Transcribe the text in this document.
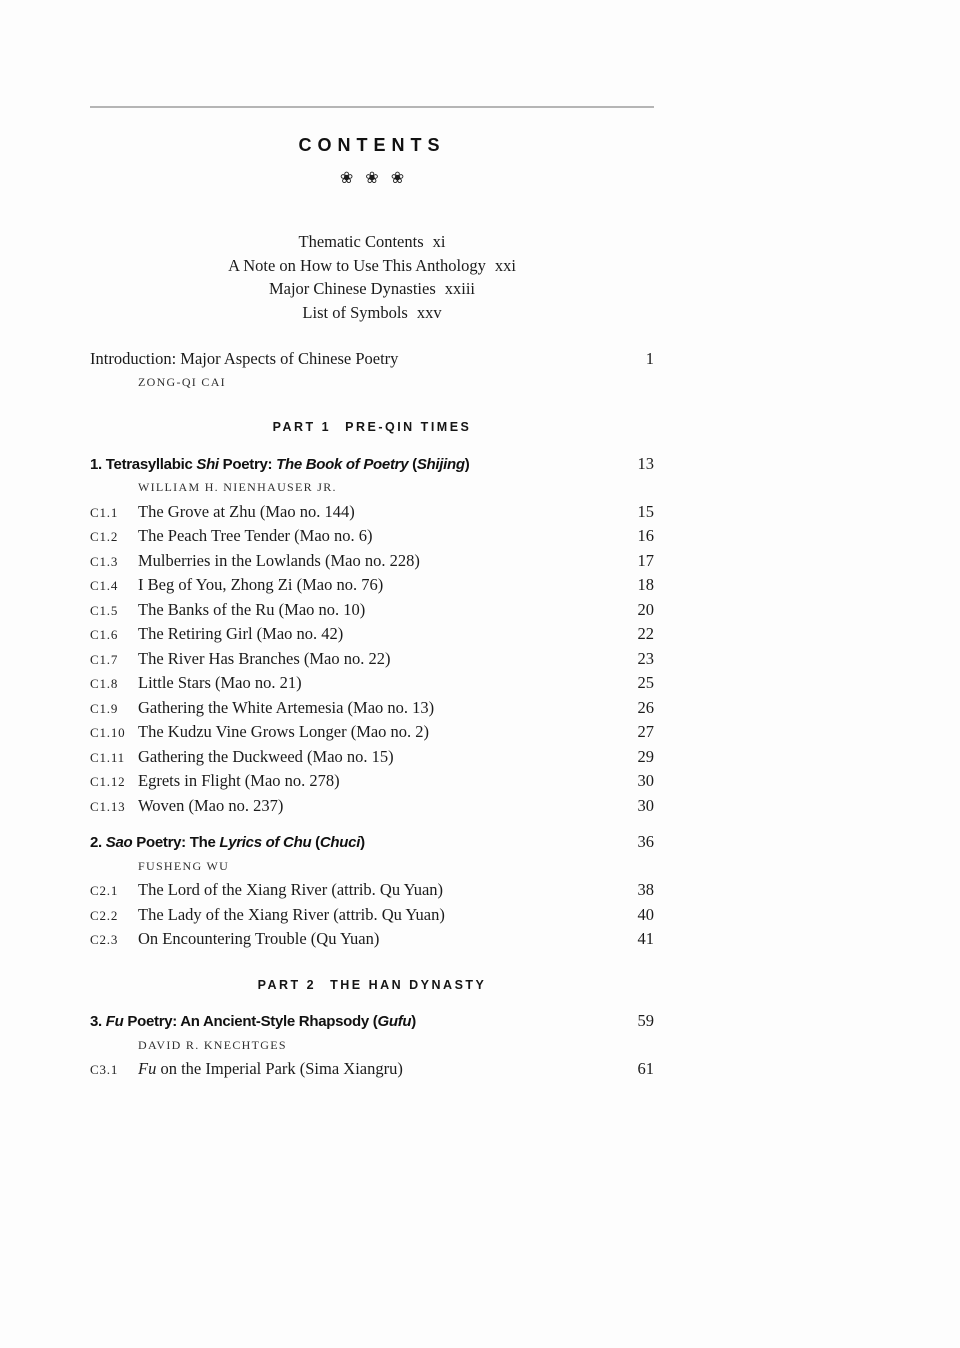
CONTENTS
❀ ❀ ❀
Thematic Contents xi
A Note on How to Use This Anthology xxi
Major Chinese Dynasties xxiii
List of Symbols xxv
Introduction: Major Aspects of Chinese Poetry	1
ZONG-QI CAI
PART 1 PRE-QIN TIMES
1. Tetrasyllabic Shi Poetry: The Book of Poetry (Shijing)	13
WILLIAM H. NIENHAUSER JR.
C1.1	The Grove at Zhu (Mao no. 144)	15
C1.2	The Peach Tree Tender (Mao no. 6)	16
C1.3	Mulberries in the Lowlands (Mao no. 228)	17
C1.4	I Beg of You, Zhong Zi (Mao no. 76)	18
C1.5	The Banks of the Ru (Mao no. 10)	20
C1.6	The Retiring Girl (Mao no. 42)	22
C1.7	The River Has Branches (Mao no. 22)	23
C1.8	Little Stars (Mao no. 21)	25
C1.9	Gathering the White Artemesia (Mao no. 13)	26
C1.10 The Kudzu Vine Grows Longer (Mao no. 2)	27
C1.11 Gathering the Duckweed (Mao no. 15)	29
C1.12 Egrets in Flight (Mao no. 278)	30
C1.13 Woven (Mao no. 237)	30
2. Sao Poetry: The Lyrics of Chu (Chuci)	36
FUSHENG WU
C2.1	The Lord of the Xiang River (attrib. Qu Yuan)	38
C2.2	The Lady of the Xiang River (attrib. Qu Yuan)	40
C2.3	On Encountering Trouble (Qu Yuan)	41
PART 2 THE HAN DYNASTY
3. Fu Poetry: An Ancient-Style Rhapsody (Gufu)	59
DAVID R. KNECHTGES
C3.1	Fu on the Imperial Park (Sima Xiangru)	61
